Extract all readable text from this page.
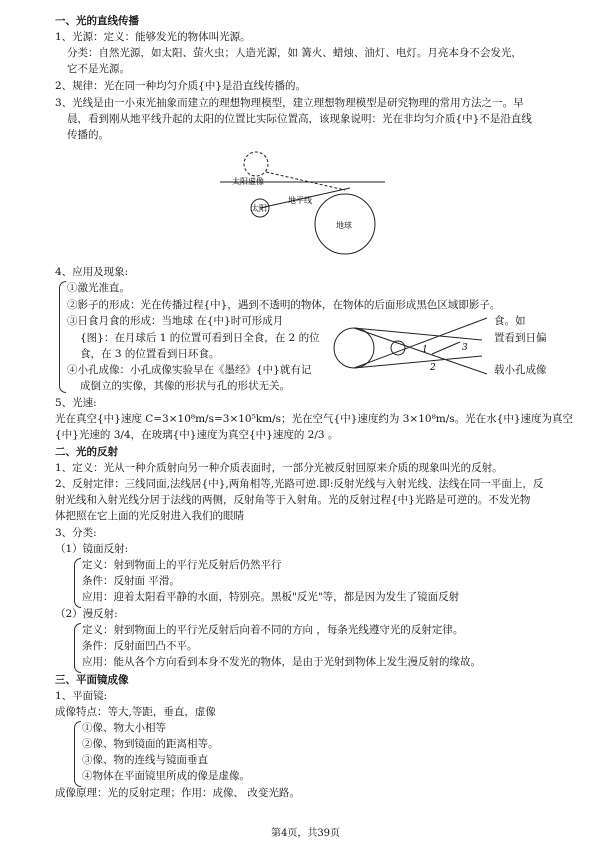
一、光的直线传播
1、光源：定义：能够发光的物体叫光源。
分类：自然光源，如太阳、萤火虫；人造光源，如 篝火、蜡烛、油灯、电灯。月亮本身不会发光，
它不是光源。
2、规律：光在同一种均匀介质{中}是沿直线传播的。
3、光线是由一小束光抽象而建立的理想物理模型，建立理想物理模型是研究物理的常用方法之一。早
晨，看到刚从地平线升起的太阳的位置比实际位置高，该现象说明：光在非均匀介质{中}不是沿直线
传播的。
太阳虚像
太阳
地平线
地球
4、应用及现象:
①激光准直。
②影子的形成：光在传播过程{中}，遇到不透明的物体，在物体的后面形成黑色区域即影子。
③日食月食的形成：当地球 在{中}时可形成月	食。如
{图}：在月球后 1 的位置可看到日全食，在 2 的位	置看到日偏
食，在 3 的位置看到日环食。
④小孔成像：小孔成像实验早在《墨经》{中}就有记	载小孔成像
成倒立的实像，其像的形状与孔的形状无关。
1
2
3
5、光速:
光在真空{中}速度 C=3×10⁸m/s=3×10⁵km/s；光在空气{中}速度约为 3×10⁸m/s。光在水{中}速度为真空
{中}光速的 3/4，在玻璃{中}速度为真空{中}速度的 2/3 。
二、光的反射
1、定义：光从一种介质射向另一种介质表面时，一部分光被反射回原来介质的现象叫光的反射。
2、反射定律：三线同面,法线居{中},两角相等,光路可逆.即:反射光线与入射光线、法线在同一平面上，反
射光线和入射光线分居于法线的两侧，反射角等于入射角。光的反射过程{中}光路是可逆的。不发光物
体把照在它上面的光反射进入我们的眼睛
3、分类:
（1）镜面反射:
定义：射到物面上的平行光反射后仍然平行
条件：反射面 平滑。
应用：迎着太阳看平静的水面，特别亮。黑板"反光"等，都是因为发生了镜面反射
（2）漫反射:
定义：射到物面上的平行光反射后向着不同的方向 ，每条光线遵守光的反射定律。
条件：反射面凹凸不平。
应用：能从各个方向看到本身不发光的物体，是由于光射到物体上发生漫反射的缘故。
三、平面镜成像
1、平面镜:
成像特点：等大,等距，垂直，虚像
①像、物大小相等
②像、物到镜面的距离相等。
③像、物的连线与镜面垂直
④物体在平面镜里所成的像是虚像。
成像原理：光的反射定理；作用：成像、 改变光路。
第4页，共39页
